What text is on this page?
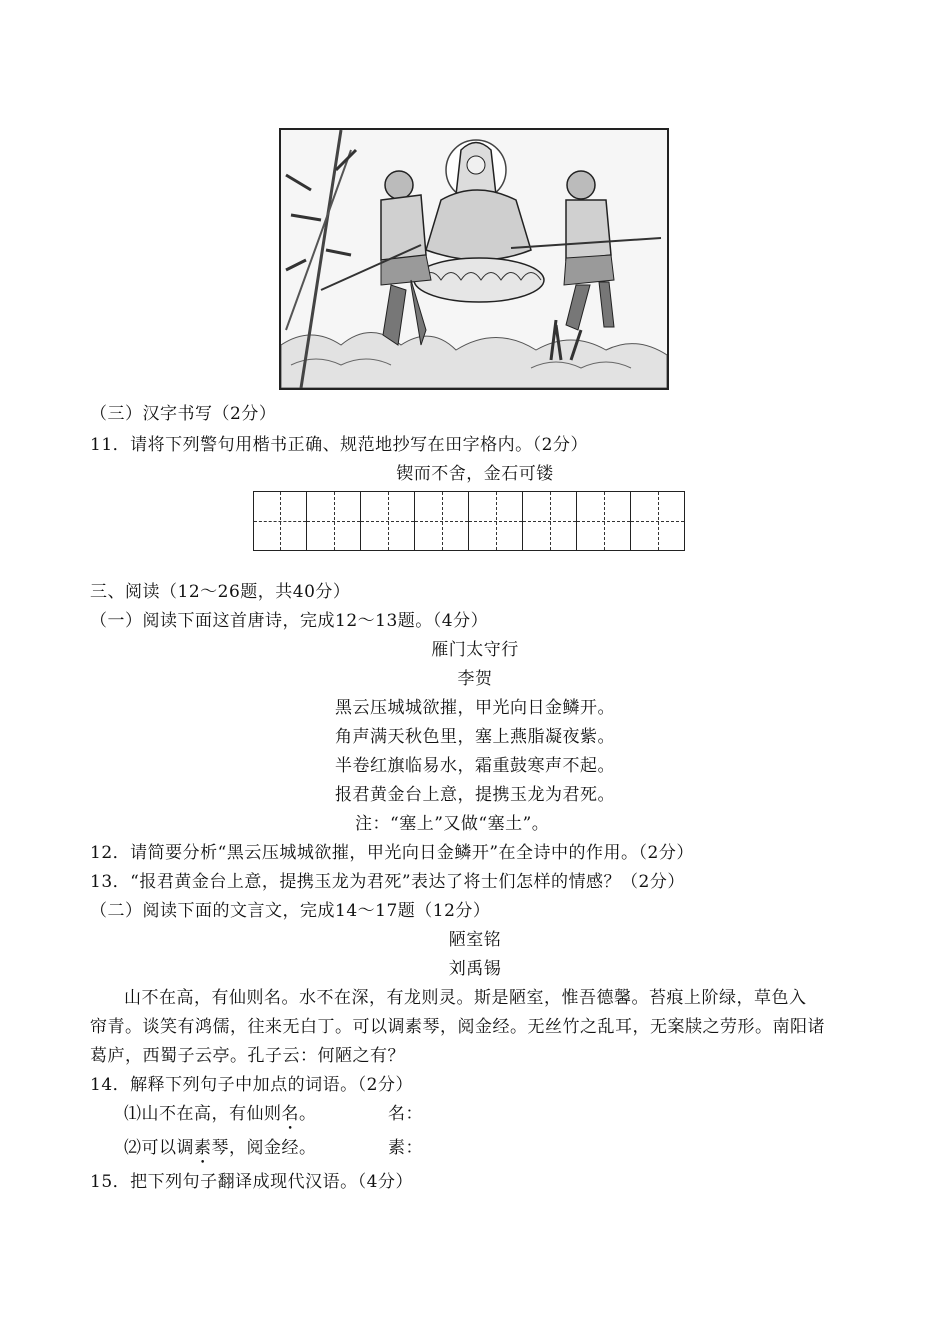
（三）汉字书写（2分）
11．请将下列警句用楷书正确、规范地抄写在田字格内。（2分）
锲而不舍，金石可镂
三、阅读（12～26题，共40分）
（一）阅读下面这首唐诗，完成12～13题。（4分）
雁门太守行
李贺
黑云压城城欲摧，甲光向日金鳞开。
角声满天秋色里，塞上燕脂凝夜紫。
半卷红旗临易水，霜重鼓寒声不起。
报君黄金台上意，提携玉龙为君死。
注：“塞上”又做“塞土”。
12．请简要分析“黑云压城城欲摧，甲光向日金鳞开”在全诗中的作用。（2分）
13．“报君黄金台上意，提携玉龙为君死”表达了将士们怎样的情感？（2分）
（二）阅读下面的文言文，完成14～17题（12分）
陋室铭
刘禹锡
山不在高，有仙则名。水不在深，有龙则灵。斯是陋室，惟吾德馨。苔痕上阶绿，草色入
帘青。谈笑有鸿儒，往来无白丁。可以调素琴，阅金经。无丝竹之乱耳，无案牍之劳形。南阳诸
葛庐，西蜀子云亭。孔子云：何陋之有？
14．解释下列句子中加点的词语。（2分）
⑴山不在高，有仙则名。	名：
⑵可以调素琴，阅金经。	素：
15．把下列句子翻译成现代汉语。（4分）
